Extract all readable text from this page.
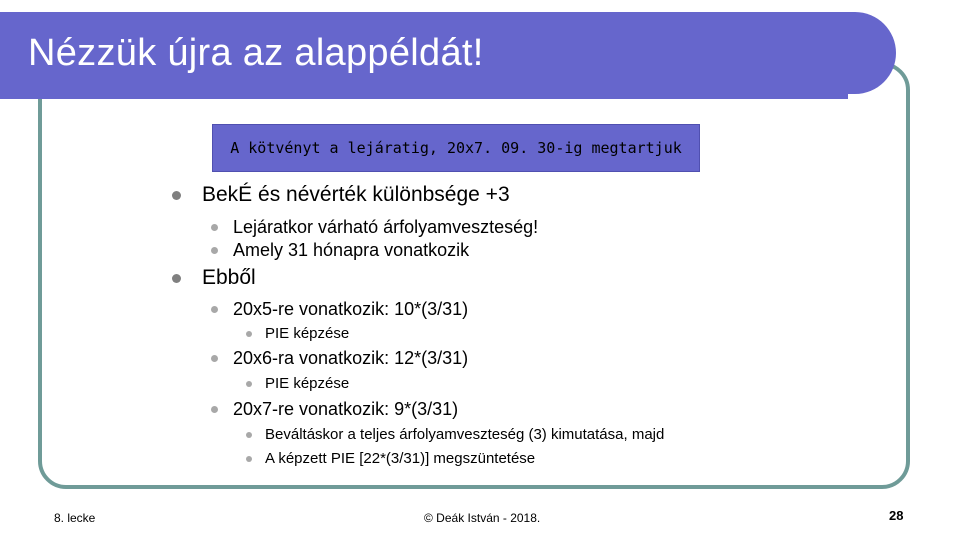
Nézzük újra az alappéldát!
A kötvényt a lejáratig, 20x7. 09. 30-ig megtartjuk
BekÉ és névérték különbsége +3
Lejáratkor várható árfolyamveszteség!
Amely 31 hónapra vonatkozik
Ebből
20x5-re vonatkozik: 10*(3/31)
PIE képzése
20x6-ra vonatkozik: 12*(3/31)
PIE képzése
20x7-re vonatkozik: 9*(3/31)
Beváltáskor a teljes árfolyamveszteség (3) kimutatása, majd
A képzett PIE [22*(3/31)] megszüntetése
8. lecke	© Deák István - 2018.	28
